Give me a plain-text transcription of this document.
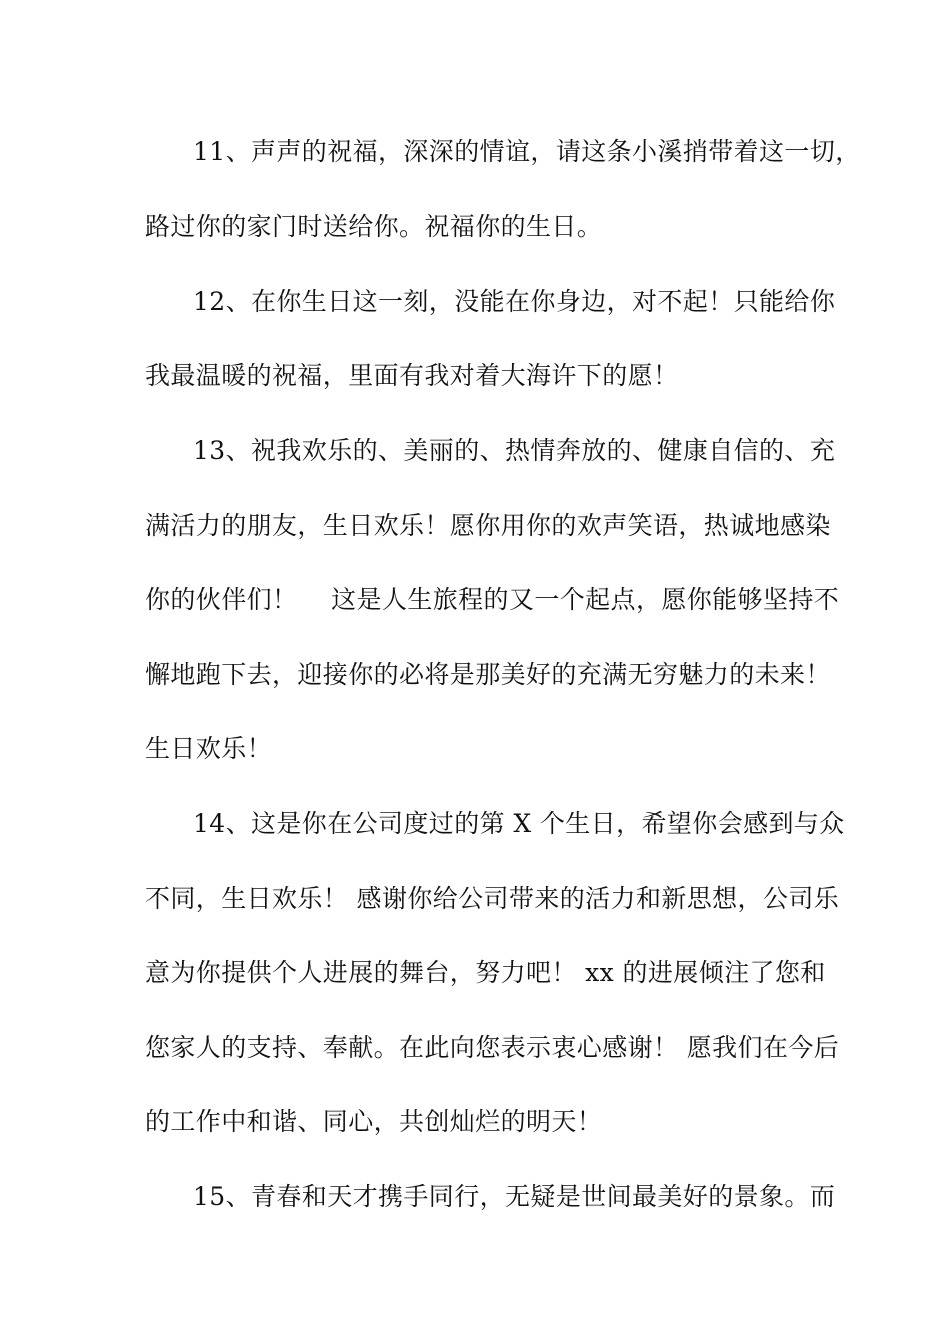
11、声声的祝福，深深的情谊，请这条小溪捎带着这一切，
路过你的家门时送给你。祝福你的生日。
12、在你生日这一刻，没能在你身边，对不起！只能给你
我最温暖的祝福，里面有我对着大海许下的愿！
13、祝我欢乐的、美丽的、热情奔放的、健康自信的、充
满活力的朋友，生日欢乐！愿你用你的欢声笑语，热诚地感染
你的伙伴们！　 这是人生旅程的又一个起点，愿你能够坚持不
懈地跑下去，迎接你的必将是那美好的充满无穷魅力的未来！
生日欢乐！
14、这是你在公司度过的第 X 个生日，希望你会感到与众
不同，生日欢乐！ 感谢你给公司带来的活力和新思想，公司乐
意为你提供个人进展的舞台，努力吧！ xx 的进展倾注了您和
您家人的支持、奉献。在此向您表示衷心感谢！ 愿我们在今后
的工作中和谐、同心，共创灿烂的明天！
15、青春和天才携手同行，无疑是世间最美好的景象。而
